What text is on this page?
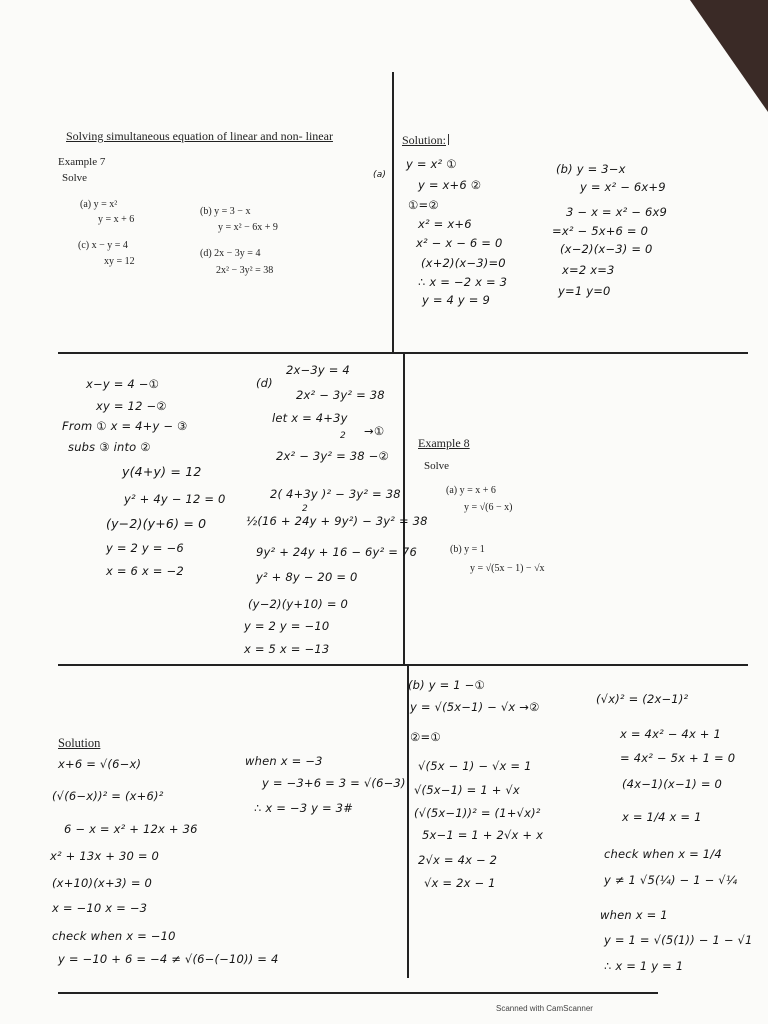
Solving simultaneous equation of linear and non- linear	Solution:
Example 7
Solve
(a) y = x²
y = x + 6
(b) y = 3 − x
y = x² − 6x + 9
(c) x − y = 4
xy = 12
(d) 2x − 3y = 4
2x² − 3y² = 38
(a)
y = x² ①
y = x+6 ②
①=②
x² = x+6
x² − x − 6 = 0
(x+2)(x−3)=0
∴ x = −2 x = 3
y = 4 y = 9
(b) y = 3−x
y = x² − 6x+9
3 − x = x² − 6x9
=x² − 5x+6 = 0
(x−2)(x−3) = 0
x=2 x=3
y=1 y=0
x−y = 4 −①
xy = 12 −②
From ① x = 4+y − ③
subs ③ into ②
y(4+y) = 12
y² + 4y − 12 = 0
(y−2)(y+6) = 0
y = 2 y = −6
x = 6 x = −2
(d)
2x−3y = 4
2x² − 3y² = 38
let x = 4+3y
2 →①
2x² − 3y² = 38 −②
2( 4+3y )² − 3y² = 38
2
½(16 + 24y + 9y²) − 3y² = 38
9y² + 24y + 16 − 6y² = 76
y² + 8y − 20 = 0
(y−2)(y+10) = 0
y = 2 y = −10
x = 5 x = −13
Example 8
Solve
(a) y = x + 6
y = √(6 − x)
(b) y = 1
y = √(5x − 1) − √x
Solution
x+6 = √(6−x)
(√(6−x))² = (x+6)²
6 − x = x² + 12x + 36
x² + 13x + 30 = 0
(x+10)(x+3) = 0
x = −10 x = −3
check when x = −10
y = −10 + 6 = −4 ≠ √(6−(−10)) = 4
when x = −3
y = −3+6 = 3 = √(6−3)
∴ x = −3 y = 3#
(b) y = 1 −①
y = √(5x−1) − √x →②
②=①
√(5x − 1) − √x = 1
√(5x−1) = 1 + √x
(√(5x−1))² = (1+√x)²
5x−1 = 1 + 2√x + x
2√x = 4x − 2
√x = 2x − 1
(√x)² = (2x−1)²
x = 4x² − 4x + 1
= 4x² − 5x + 1 = 0
(4x−1)(x−1) = 0
x = 1/4 x = 1
check when x = 1/4
y ≠ 1 √5(¼) − 1 − √¼
when x = 1
y = 1 = √(5(1)) − 1 − √1
∴ x = 1 y = 1
Scanned with CamScanner
